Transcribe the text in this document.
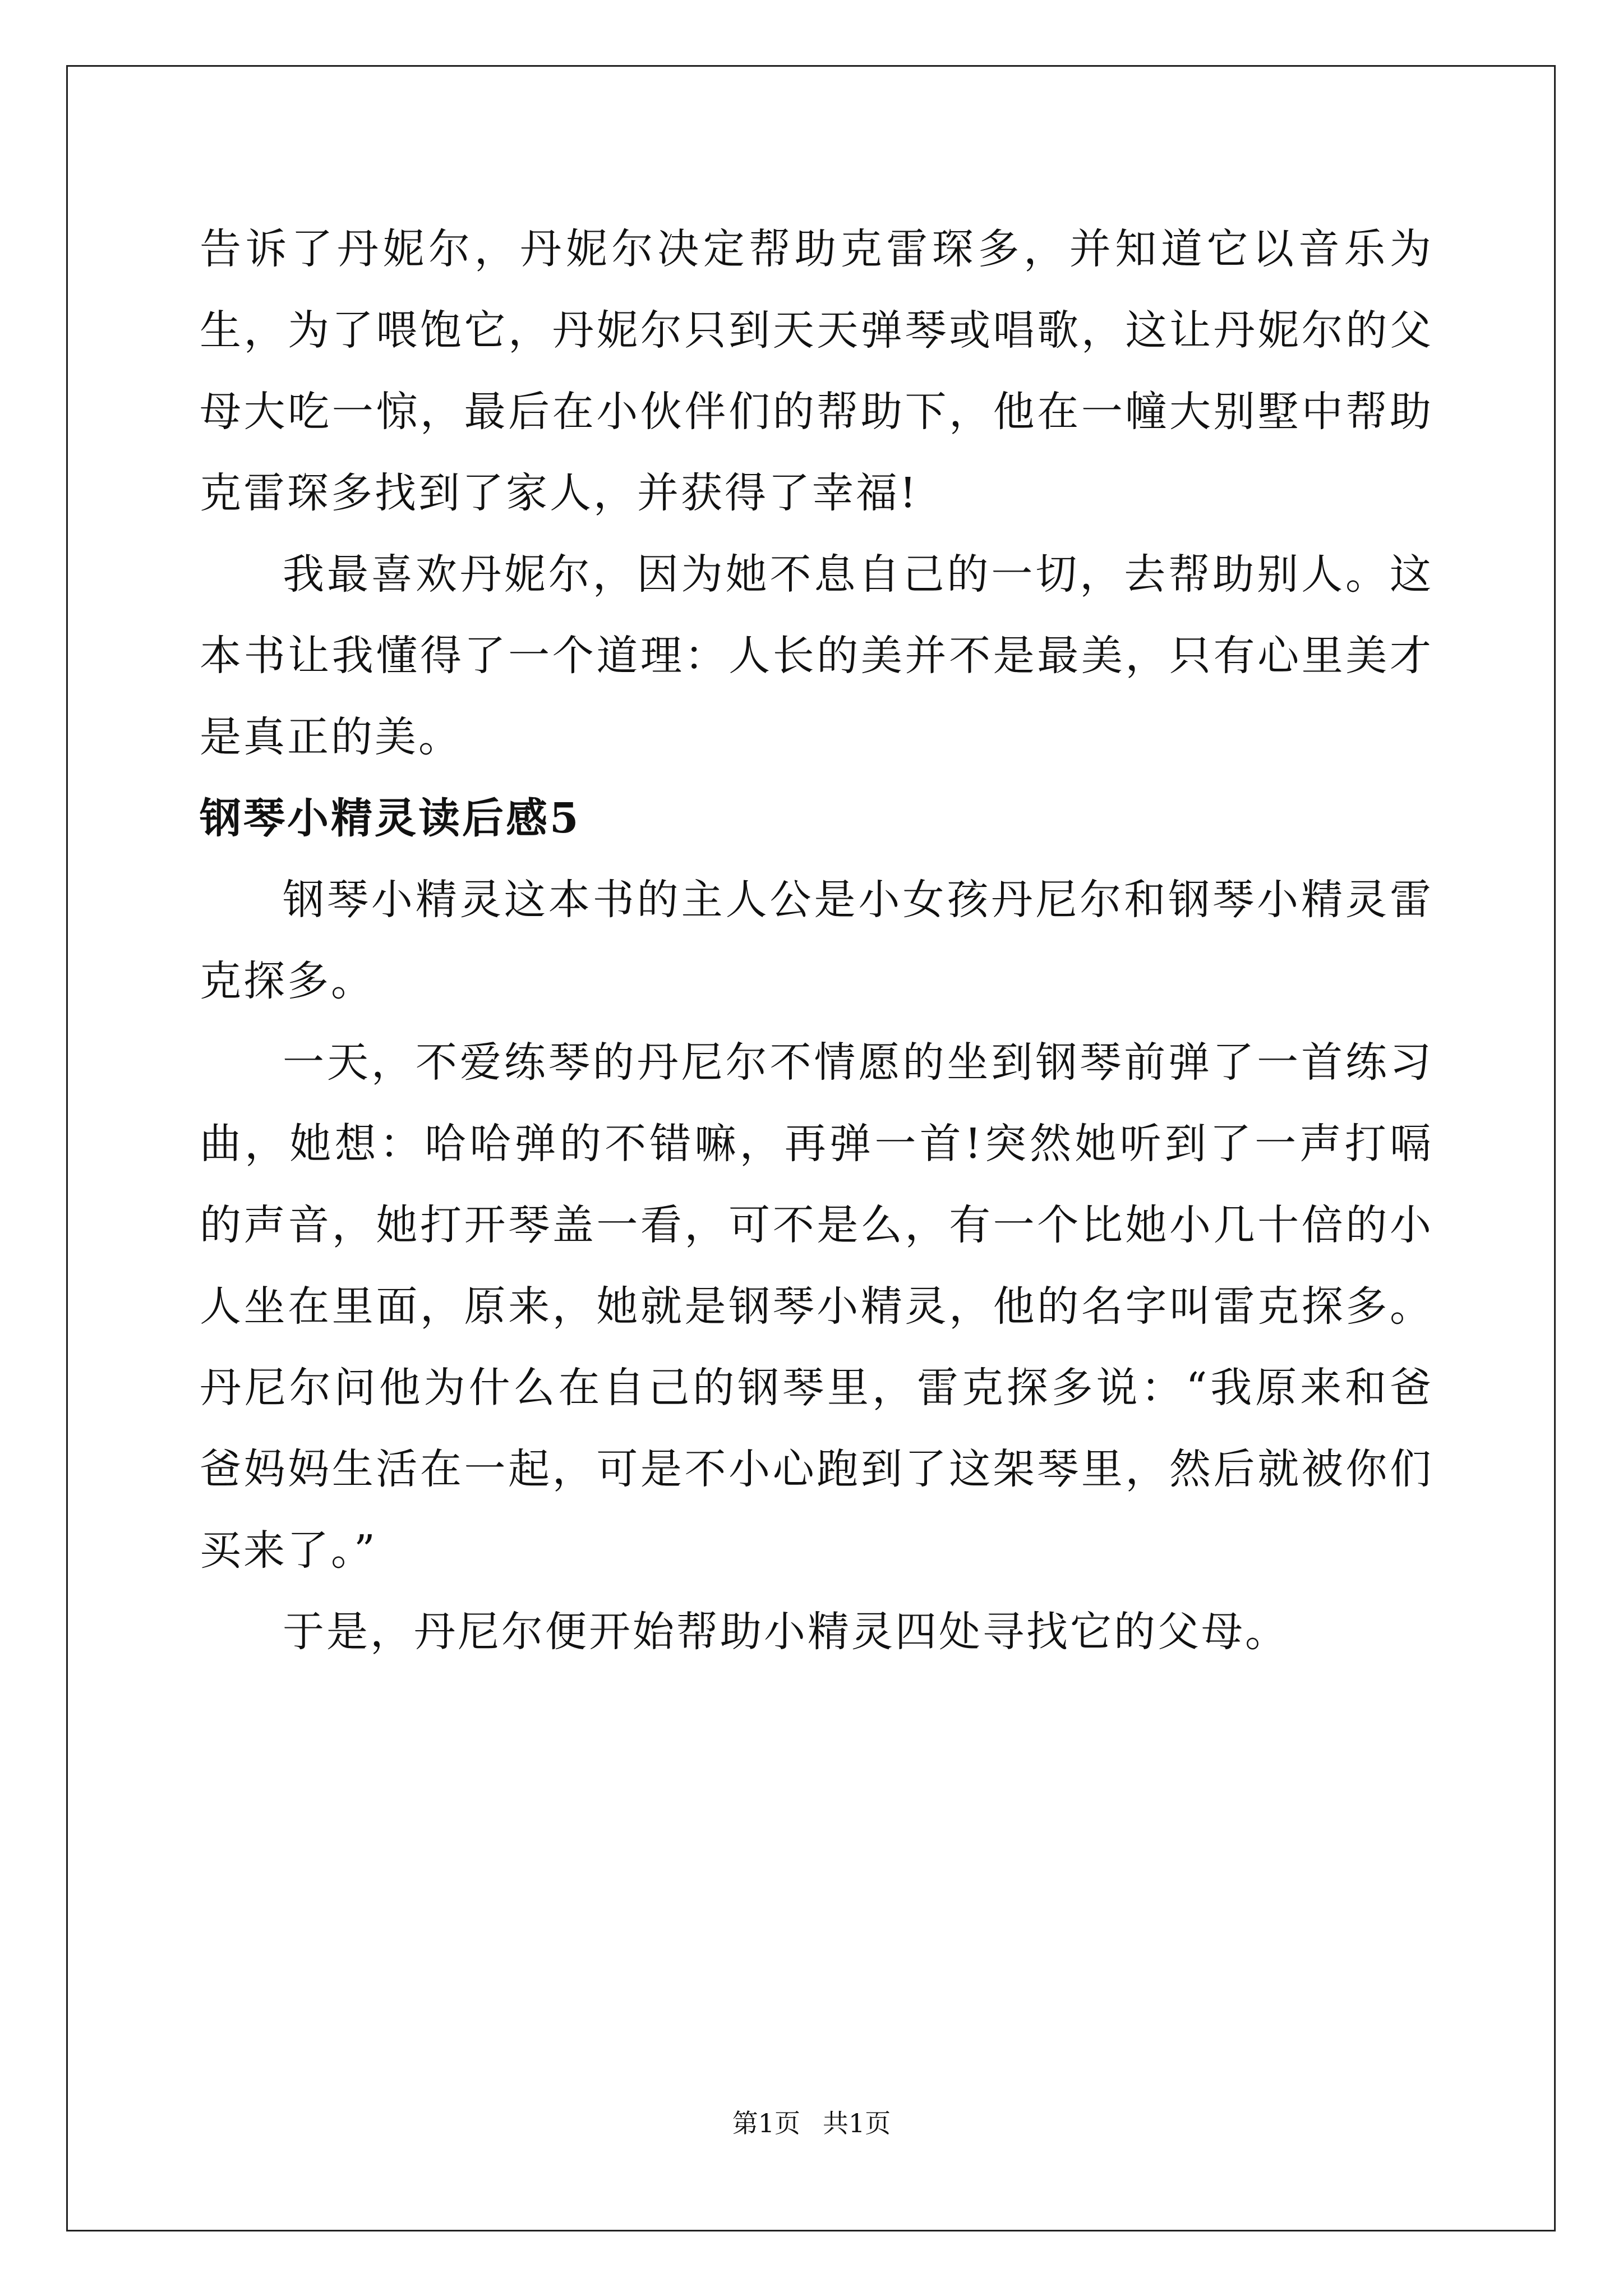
告诉了丹妮尔，丹妮尔决定帮助克雷琛多，并知道它以音乐为生，为了喂饱它，丹妮尔只到天天弹琴或唱歌，这让丹妮尔的父母大吃一惊，最后在小伙伴们的帮助下，他在一幢大别墅中帮助克雷琛多找到了家人，并获得了幸福!

我最喜欢丹妮尔，因为她不息自己的一切，去帮助别人。这本书让我懂得了一个道理：人长的美并不是最美，只有心里美才是真正的美。

钢琴小精灵读后感5

钢琴小精灵这本书的主人公是小女孩丹尼尔和钢琴小精灵雷克探多。

一天，不爱练琴的丹尼尔不情愿的坐到钢琴前弹了一首练习曲，她想：哈哈弹的不错嘛，再弹一首!突然她听到了一声打嗝的声音，她打开琴盖一看，可不是么，有一个比她小几十倍的小人坐在里面，原来，她就是钢琴小精灵，他的名字叫雷克探多。丹尼尔问他为什么在自己的钢琴里，雷克探多说：“我原来和爸爸妈妈生活在一起，可是不小心跑到了这架琴里，然后就被你们买来了。”

于是，丹尼尔便开始帮助小精灵四处寻找它的父母。

第1页 共1页
